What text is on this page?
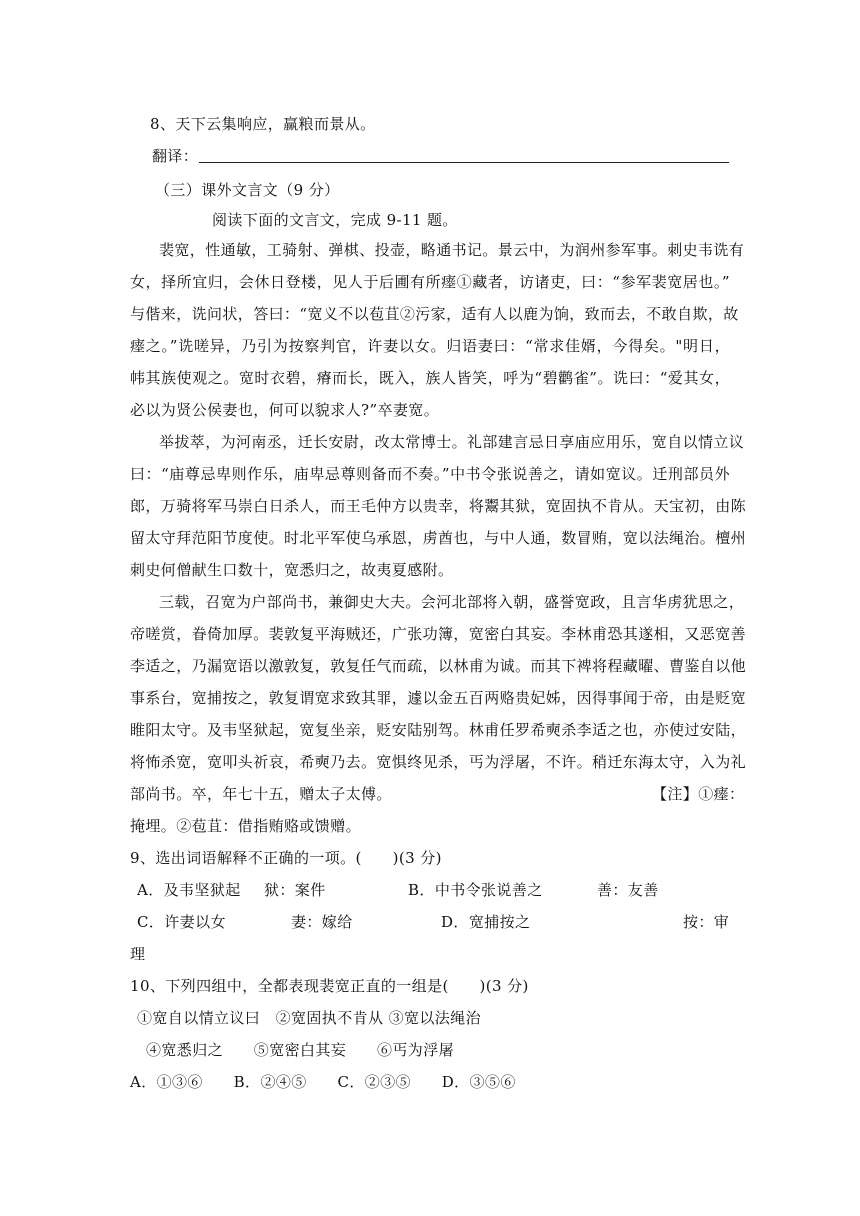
8、天下云集响应，赢粮而景从。
翻译：
（三）课外文言文（9 分）
阅读下面的文言文，完成 9-11 题。
裴宽，性通敏，工骑射、弹棋、投壶，略通书记。景云中，为润州参军事。刺史韦诜有
女，择所宜归，会休日登楼，见人于后圃有所瘗①藏者，访诸吏，曰：“参军裴宽居也。”
与偕来，诜问状，答曰：“宽义不以苞苴②污家，适有人以鹿为饷，致而去，不敢自欺，故
瘗之。”诜嗟异，乃引为按察判官，许妻以女。归语妻曰：“常求佳婿，今得矣。"明日，
帏其族使观之。宽时衣碧，瘠而长，既入，族人皆笑，呼为“碧鹳雀”。诜曰：“爱其女，
必以为贤公侯妻也，何可以貌求人?”卒妻宽。
举拔萃，为河南丞，迁长安尉，改太常博士。礼部建言忌日享庙应用乐，宽自以情立议
曰：“庙尊忌卑则作乐，庙卑忌尊则备而不奏。”中书令张说善之，请如宽议。迁刑部员外
郎，万骑将军马崇白日杀人，而王毛仲方以贵幸，将鬻其狱，宽固执不肯从。天宝初，由陈
留太守拜范阳节度使。时北平军使乌承恩，虏酋也，与中人通，数冒贿，宽以法绳治。檀州
刺史何僧献生口数十，宽悉归之，故夷夏感附。
三载，召宽为户部尚书，兼御史大夫。会河北部将入朝，盛誉宽政，且言华虏犹思之，
帝嗟赏，眷倚加厚。裴敦复平海贼还，广张功簿，宽密白其妄。李林甫恐其遂相，又恶宽善
李适之，乃漏宽语以激敦复，敦复任气而疏，以林甫为诚。而其下裨将程藏曜、曹鉴自以他
事系台，宽捕按之，敦复谓宽求致其罪，遽以金五百两赂贵妃姊，因得事闻于帝，由是贬宽
睢阳太守。及韦坚狱起，宽复坐亲，贬安陆别驾。林甫任罗希奭杀李适之也，亦使过安陆，
将怖杀宽，宽叩头祈哀，希奭乃去。宽惧终见杀，丐为浮屠，不许。稍迁东海太守，入为礼
部尚书。卒，年七十五，赠太子太傅。	【注】①瘗：
掩埋。②苞苴：借指贿赂或馈赠。
9、选出词语解释不正确的一项。(　　)(3 分)
A．及韦坚狱起 狱：案件	B．中书令张说善之	善：友善
C．许妻以女	妻：嫁给	D．宽捕按之	按：审
理
10、下列四组中，全都表现裴宽正直的一组是(　　)(3 分)
①宽自以情立议曰　②宽固执不肯从 ③宽以法绳治
④宽悉归之　　⑤宽密白其妄　　⑥丐为浮屠
A．①③⑥　　B．②④⑤　　C．②③⑤　　D．③⑤⑥
